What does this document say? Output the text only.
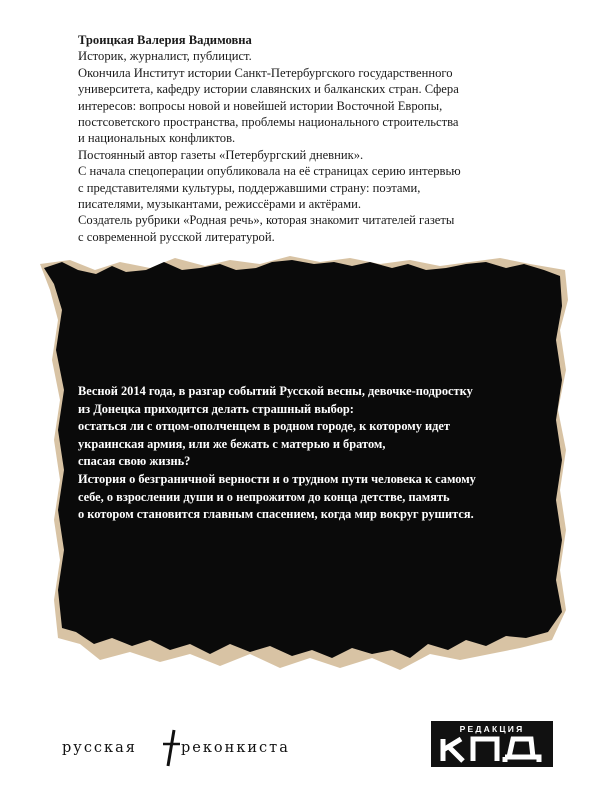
Троицкая Валерия Вадимовна

Историк, журналист, публицист.

Окончила Институт истории Санкт-Петербургского государственного

университета, кафедру истории славянских и балканских стран. Сфера

интересов: вопросы новой и новейшей истории Восточной Европы,

постсоветского пространства, проблемы национального строительства

и национальных конфликтов.

Постоянный автор газеты «Петербургский дневник».

С начала спецоперации опубликовала на её страницах серию интервью

с представителями культуры, поддержавшими страну: поэтами,

писателями, музыкантами, режиссёрами и актёрами.

Создатель рубрики «Родная речь», которая знакомит читателей газеты

с современной русской литературой.

Весной 2014 года, в разгар событий Русской весны, девочке-подростку

из Донецка приходится делать страшный выбор:

остаться ли с отцом-ополченцем в родном городе, к которому идет

украинская армия, или же бежать с матерью и братом,

спасая свою жизнь?

История о безграничной верности и о трудном пути человека к самому

себе, о взрослении души и о непрожитом до конца детстве, память

о котором становится главным спасением, когда мир вокруг рушится.

русская	реконкиста
РЕДАКЦИЯ
